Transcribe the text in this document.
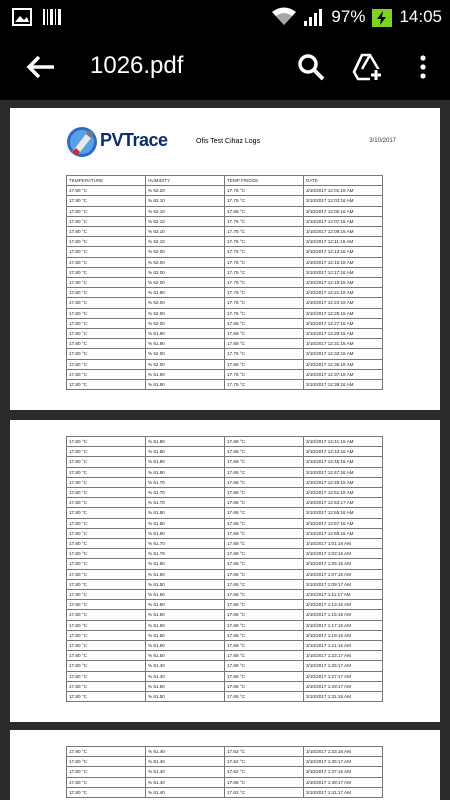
97% 14:05
1026.pdf
PVTrace	Ofis Test Cihaz Logs	3/10/2017
TEMPERATURE	HUMIDITY	TEMP FRIDGE	DATE
17.90 °C	% 62.20	17.75 °C	3/10/2017 12:01:16 AM
17.90 °C	% 62.10	17.75 °C	3/10/2017 12:03:16 AM
17.80 °C	% 62.10	17.68 °C	3/10/2017 12:05:16 AM
17.80 °C	% 62.10	17.75 °C	3/10/2017 12:07:16 AM
17.80 °C	% 62.10	17.75 °C	3/10/2017 12:09:16 AM
17.80 °C	% 62.10	17.75 °C	3/10/2017 12:11:16 AM
17.80 °C	% 62.00	17.75 °C	3/10/2017 12:13:16 AM
17.80 °C	% 62.00	17.75 °C	3/10/2017 12:15:16 AM
17.80 °C	% 62.00	17.75 °C	3/10/2017 12:17:16 AM
17.80 °C	% 62.00	17.75 °C	3/10/2017 12:19:16 AM
17.80 °C	% 61.90	17.75 °C	3/10/2017 12:21:16 AM
17.80 °C	% 62.00	17.75 °C	3/10/2017 12:23:16 AM
17.80 °C	% 62.00	17.75 °C	3/10/2017 12:25:16 AM
17.80 °C	% 62.00	17.68 °C	3/10/2017 12:27:16 AM
17.80 °C	% 61.90	17.68 °C	3/10/2017 12:29:16 AM
17.80 °C	% 61.90	17.68 °C	3/10/2017 12:31:16 AM
17.80 °C	% 62.00	17.75 °C	3/10/2017 12:33:16 AM
17.80 °C	% 62.00	17.68 °C	3/10/2017 12:35:16 AM
17.80 °C	% 61.90	17.75 °C	3/10/2017 12:37:16 AM
17.80 °C	% 61.80	17.75 °C	3/10/2017 12:39:16 AM
17.80 °C	% 61.80	17.68 °C	3/10/2017 12:41:16 AM
17.80 °C	% 61.80	17.68 °C	3/10/2017 12:43:16 AM
17.80 °C	% 61.80	17.68 °C	3/10/2017 12:45:16 AM
17.80 °C	% 61.80	17.68 °C	3/10/2017 12:47:16 AM
17.80 °C	% 61.70	17.68 °C	3/10/2017 12:49:16 AM
17.80 °C	% 61.70	17.68 °C	3/10/2017 12:51:16 AM
17.80 °C	% 61.70	17.68 °C	3/10/2017 12:53:17 AM
17.80 °C	% 61.80	17.68 °C	3/10/2017 12:55:16 AM
17.80 °C	% 61.80	17.68 °C	3/10/2017 12:57:16 AM
17.80 °C	% 61.60	17.68 °C	3/10/2017 12:59:16 AM
17.80 °C	% 61.70	17.68 °C	3/10/2017 1:01:16 AM
17.80 °C	% 61.70	17.68 °C	3/10/2017 1:03:16 AM
17.80 °C	% 61.60	17.68 °C	3/10/2017 1:05:16 AM
17.80 °C	% 61.60	17.68 °C	3/10/2017 1:07:16 AM
17.80 °C	% 61.50	17.68 °C	3/10/2017 1:09:17 AM
17.80 °C	% 61.50	17.68 °C	3/10/2017 1:11:17 AM
17.90 °C	% 61.60	17.68 °C	3/10/2017 1:13:16 AM
17.80 °C	% 61.50	17.68 °C	3/10/2017 1:15:16 AM
17.80 °C	% 61.60	17.68 °C	3/10/2017 1:17:16 AM
17.80 °C	% 61.50	17.68 °C	3/10/2017 1:19:16 AM
17.80 °C	% 61.50	17.68 °C	3/10/2017 1:21:16 AM
17.80 °C	% 61.50	17.68 °C	3/10/2017 1:23:17 AM
17.80 °C	% 61.40	17.68 °C	3/10/2017 1:25:17 AM
17.80 °C	% 61.40	17.68 °C	3/10/2017 1:27:17 AM
17.80 °C	% 61.50	17.68 °C	3/10/2017 1:29:17 AM
17.80 °C	% 61.50	17.68 °C	3/10/2017 1:31:16 AM
17.90 °C	% 61.40	17.62 °C	3/10/2017 1:33:16 AM
17.80 °C	% 61.40	17.62 °C	3/10/2017 1:35:17 AM
17.80 °C	% 61.40	17.62 °C	3/10/2017 1:37:16 AM
17.80 °C	% 61.40	17.68 °C	3/10/2017 1:39:17 AM
17.80 °C	% 61.40	17.62 °C	3/10/2017 1:41:17 AM
